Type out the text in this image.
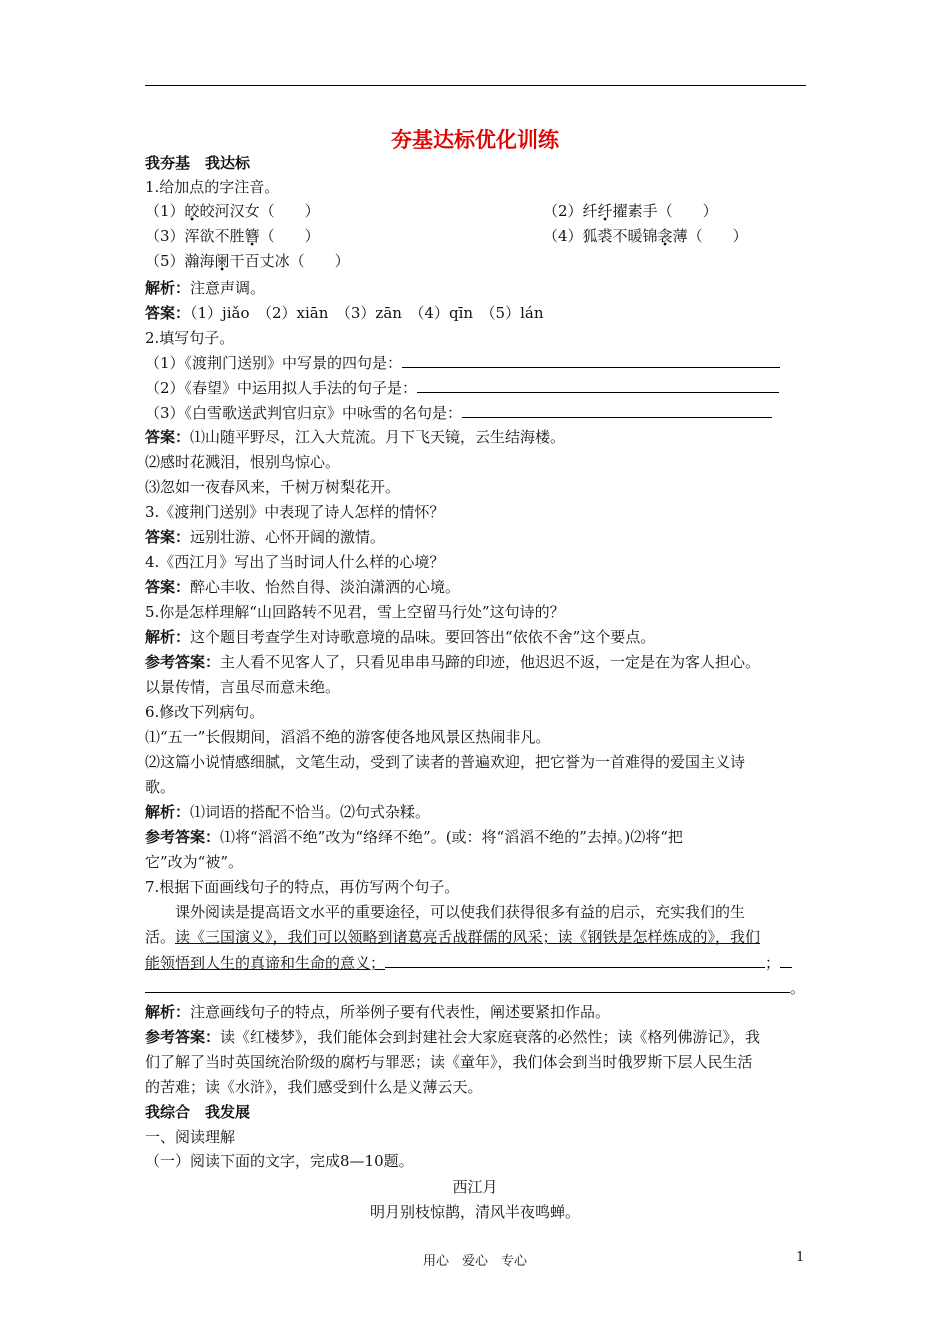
夯基达标优化训练
我夯基　我达标
1.给加点的字注音。
（1）皎皎河汉女（　　）	（2）纤纤擢素手（　　）
（3）浑欲不胜簪（　　）	（4）狐裘不暖锦衾薄（　　）
（5）瀚海阑干百丈冰（　　）
解析：注意声调。
答案：（1）jiǎo　（2）xiān　（3）zān　（4）qīn　（5）lán
2.填写句子。
（1）《渡荆门送别》中写景的四句是：
（2）《春望》中运用拟人手法的句子是：
（3）《白雪歌送武判官归京》中咏雪的名句是：
答案：⑴山随平野尽，江入大荒流。月下飞天镜，云生结海楼。
⑵感时花溅泪，恨别鸟惊心。
⑶忽如一夜春风来，千树万树梨花开。
3.《渡荆门送别》中表现了诗人怎样的情怀？
答案：远别壮游、心怀开阔的激情。
4.《西江月》写出了当时词人什么样的心境？
答案：醉心丰收、怡然自得、淡泊潇洒的心境。
5.你是怎样理解“山回路转不见君，雪上空留马行处”这句诗的？
解析：这个题目考查学生对诗歌意境的品味。要回答出“依依不舍”这个要点。
参考答案：主人看不见客人了，只看见串串马蹄的印迹，他迟迟不返，一定是在为客人担心。
以景传情，言虽尽而意未绝。
6.修改下列病句。
⑴“五一”长假期间，滔滔不绝的游客使各地风景区热闹非凡。
⑵这篇小说情感细腻，文笔生动，受到了读者的普遍欢迎，把它誉为一首难得的爱国主义诗
歌。
解析：⑴词语的搭配不恰当。⑵句式杂糅。
参考答案：⑴将“滔滔不绝”改为“络绎不绝”。(或：将“滔滔不绝的”去掉。)⑵将“把
它”改为“被”。
7.根据下面画线句子的特点，再仿写两个句子。
课外阅读是提高语文水平的重要途径，可以使我们获得很多有益的启示，充实我们的生
活。读《三国演义》，我们可以领略到诸葛亮舌战群儒的风采；读《钢铁是怎样炼成的》，我们
能领悟到人生的真谛和生命的意义；	；
。
解析：注意画线句子的特点，所举例子要有代表性，阐述要紧扣作品。
参考答案：读《红楼梦》，我们能体会到封建社会大家庭衰落的必然性；读《格列佛游记》，我
们了解了当时英国统治阶级的腐朽与罪恶；读《童年》，我们体会到当时俄罗斯下层人民生活
的苦难；读《水浒》，我们感受到什么是义薄云天。
我综合　我发展
一、阅读理解
（一）阅读下面的文字，完成8—10题。
西江月
明月别枝惊鹊，清风半夜鸣蝉。
用心　爱心　专心	1
